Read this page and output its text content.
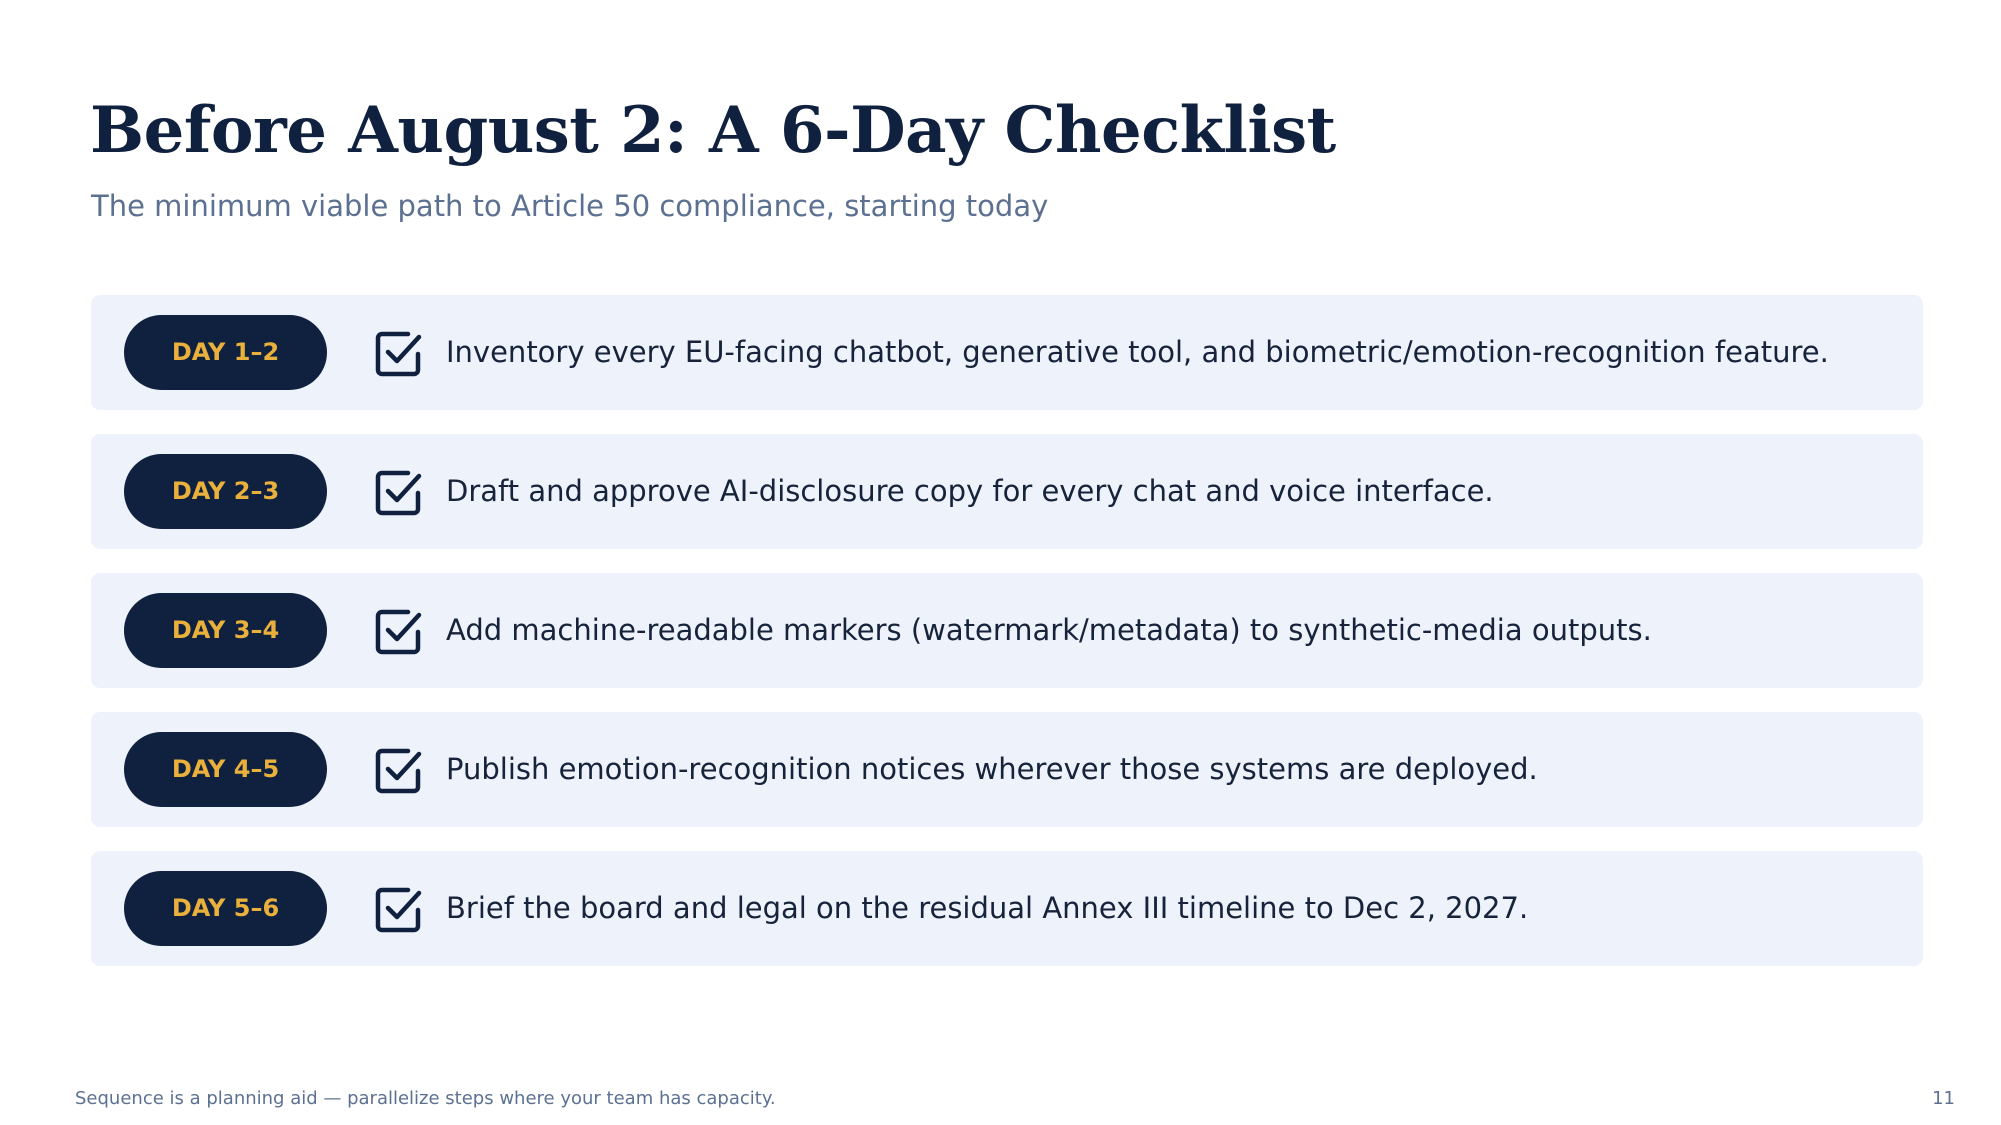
Before August 2: A 6-Day Checklist

The minimum viable path to Article 50 compliance, starting today

DAY 1–2	Inventory every EU-facing chatbot, generative tool, and biometric/emotion-recognition feature.
DAY 2–3	Draft and approve AI-disclosure copy for every chat and voice interface.
DAY 3–4	Add machine-readable markers (watermark/metadata) to synthetic-media outputs.
DAY 4–5	Publish emotion-recognition notices wherever those systems are deployed.
DAY 5–6	Brief the board and legal on the residual Annex III timeline to Dec 2, 2027.
Sequence is a planning aid — parallelize steps where your team has capacity.	11
